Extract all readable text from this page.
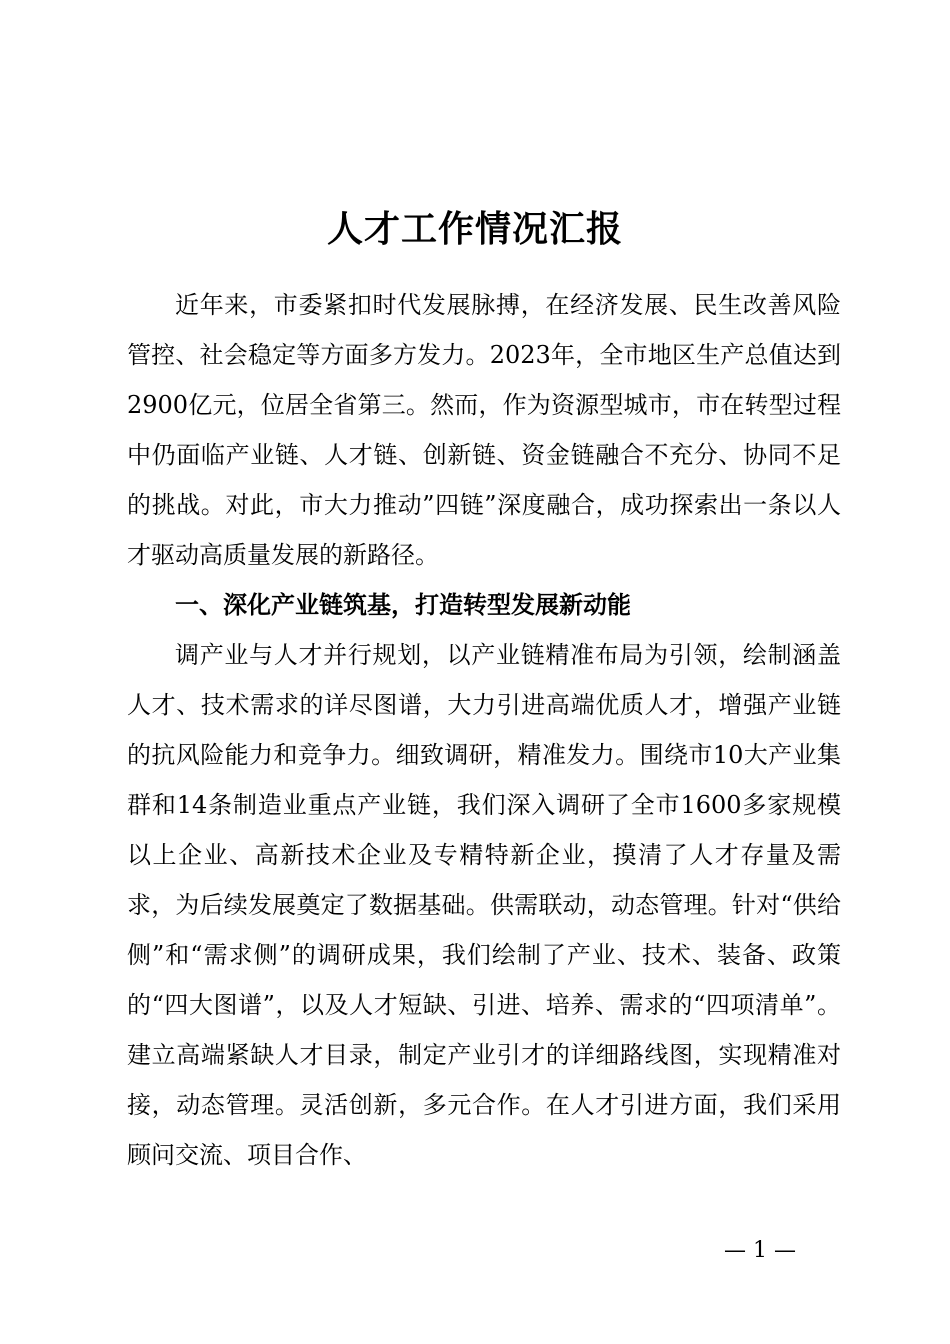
人才工作情况汇报

近年来，市委紧扣时代发展脉搏，在经济发展、民生改善风险管控、社会稳定等方面多方发力。2023年，全市地区生产总值达到2900亿元，位居全省第三。然而，作为资源型城市，市在转型过程中仍面临产业链、人才链、创新链、资金链融合不充分、协同不足的挑战。对此，市大力推动”四链”深度融合，成功探索出一条以人才驱动高质量发展的新路径。

一、深化产业链筑基，打造转型发展新动能

调产业与人才并行规划，以产业链精准布局为引领，绘制涵盖人才、技术需求的详尽图谱，大力引进高端优质人才，增强产业链的抗风险能力和竞争力。细致调研，精准发力。围绕市10大产业集群和14条制造业重点产业链，我们深入调研了全市1600多家规模以上企业、高新技术企业及专精特新企业，摸清了人才存量及需求，为后续发展奠定了数据基础。供需联动，动态管理。针对“供给侧”和“需求侧”的调研成果，我们绘制了产业、技术、装备、政策的“四大图谱”，以及人才短缺、引进、培养、需求的“四项清单”。建立高端紧缺人才目录，制定产业引才的详细路线图，实现精准对接，动态管理。灵活创新，多元合作。在人才引进方面，我们采用顾问交流、项目合作、

— 1 —
